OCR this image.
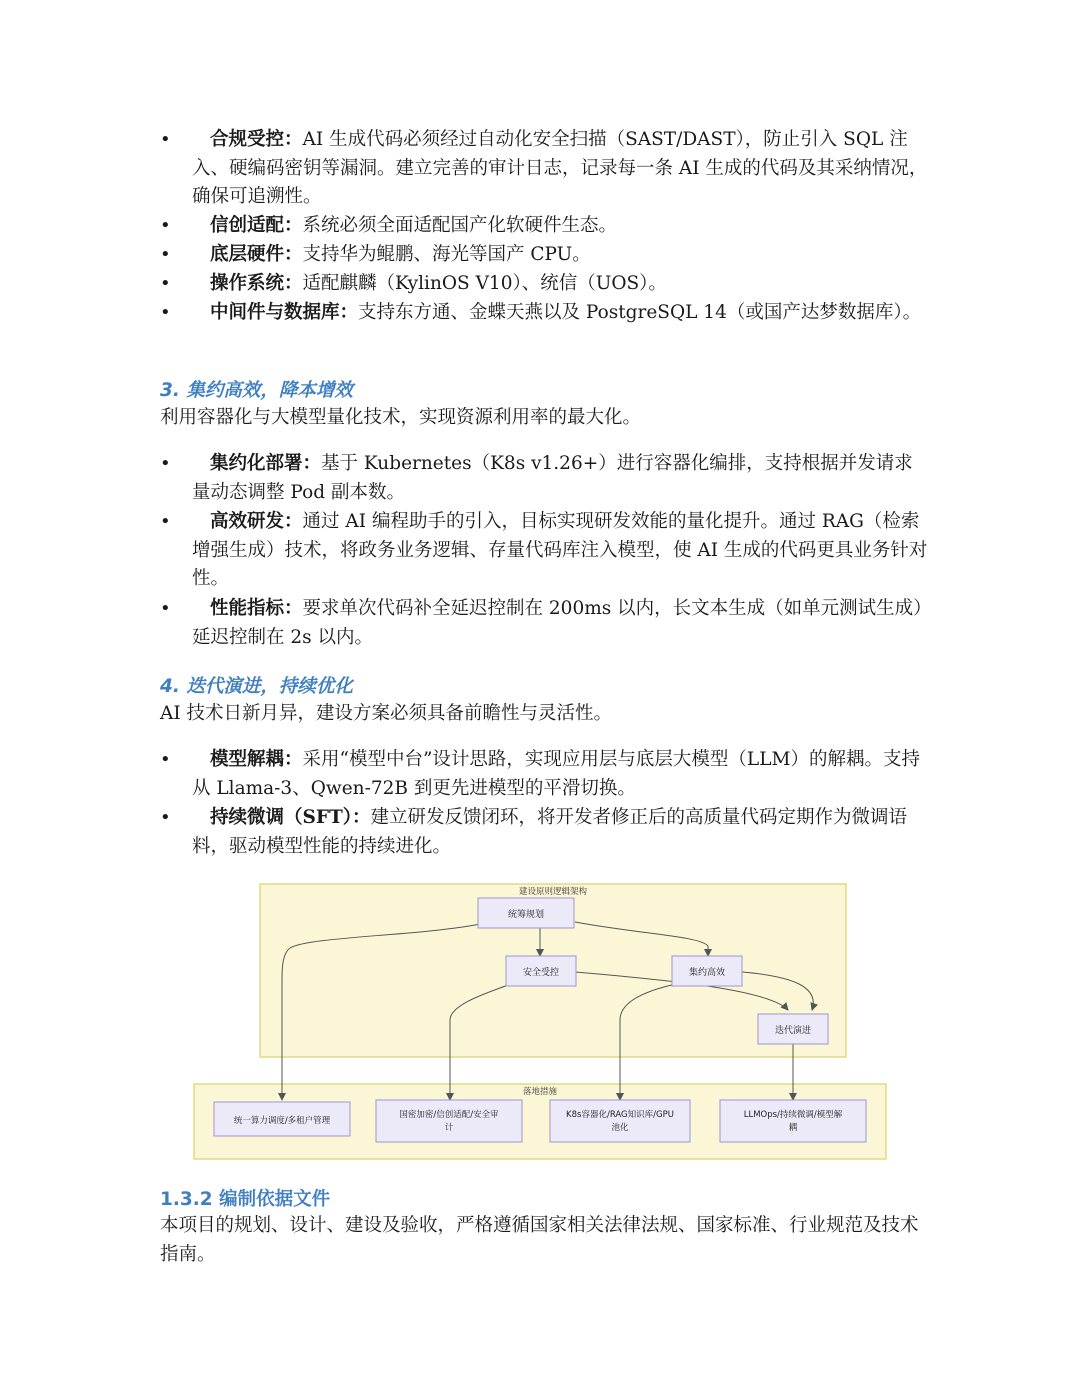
•	合规受控：AI 生成代码必须经过自动化安全扫描（SAST/DAST），防止引入 SQL 注入、硬编码密钥等漏洞。建立完善的审计日志，记录每一条 AI 生成的代码及其采纳情况，确保可追溯性。
•	信创适配：系统必须全面适配国产化软硬件生态。
•	底层硬件：支持华为鲲鹏、海光等国产 CPU。
•	操作系统：适配麒麟（KylinOS V10）、统信（UOS）。
•	中间件与数据库：支持东方通、金蝶天燕以及 PostgreSQL 14（或国产达梦数据库）。
3. 集约高效，降本增效
利用容器化与大模型量化技术，实现资源利用率的最大化。
•	集约化部署：基于 Kubernetes（K8s v1.26+）进行容器化编排，支持根据并发请求量动态调整 Pod 副本数。
•	高效研发：通过 AI 编程助手的引入，目标实现研发效能的量化提升。通过 RAG（检索增强生成）技术，将政务业务逻辑、存量代码库注入模型，使 AI 生成的代码更具业务针对性。
•	性能指标：要求单次代码补全延迟控制在 200ms 以内，长文本生成（如单元测试生成）延迟控制在 2s 以内。
4. 迭代演进，持续优化
AI 技术日新月异，建设方案必须具备前瞻性与灵活性。
•	模型解耦：采用“模型中台”设计思路，实现应用层与底层大模型（LLM）的解耦。支持从 Llama-3、Qwen-72B 到更先进模型的平滑切换。
•	持续微调（SFT）：建立研发反馈闭环，将开发者修正后的高质量代码定期作为微调语料，驱动模型性能的持续进化。
建设原则逻辑架构
落地措施
统筹规划
安全受控	集约高效
迭代演进
统一算力调度/多租户管理
国密加密/信创适配/安全审
计
K8s容器化/RAG知识库/GPU
池化
LLMOps/持续微调/模型解
耦
1.3.2 编制依据文件
本项目的规划、设计、建设及验收，严格遵循国家相关法律法规、国家标准、行业规范及技术指南。
